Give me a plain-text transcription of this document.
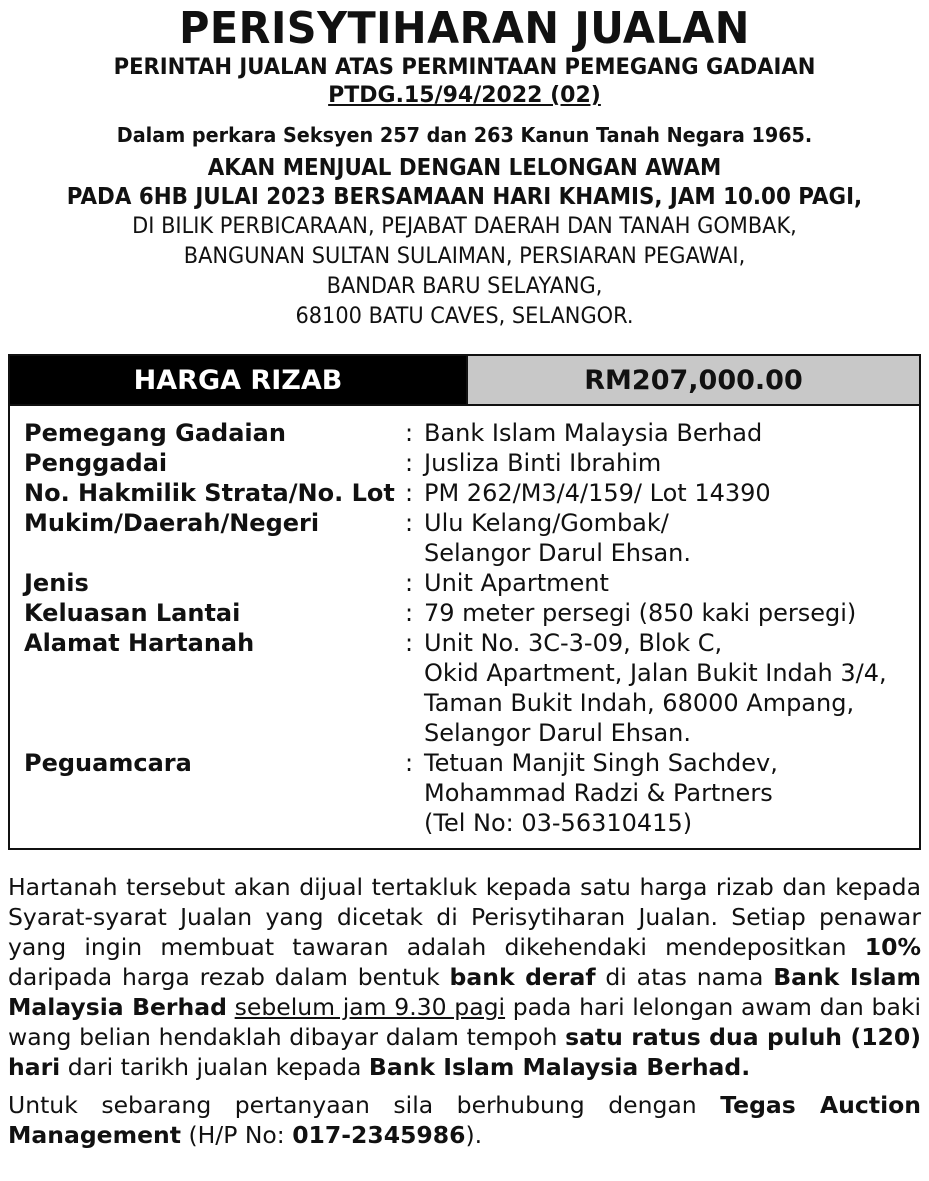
PERISYTIHARAN JUALAN
PERINTAH JUALAN ATAS PERMINTAAN PEMEGANG GADAIAN
PTDG.15/94/2022 (02)
Dalam perkara Seksyen 257 dan 263 Kanun Tanah Negara 1965.
AKAN MENJUAL DENGAN LELONGAN AWAM
PADA 6HB JULAI 2023 BERSAMAAN HARI KHAMIS, JAM 10.00 PAGI,
DI BILIK PERBICARAAN, PEJABAT DAERAH DAN TANAH GOMBAK,
BANGUNAN SULTAN SULAIMAN, PERSIARAN PEGAWAI,
BANDAR BARU SELAYANG,
68100 BATU CAVES, SELANGOR.
HARGA RIZAB	RM207,000.00
Pemegang Gadaian	: Bank Islam Malaysia Berhad
Penggadai	: Jusliza Binti Ibrahim
No. Hakmilik Strata/No. Lot : PM 262/M3/4/159/ Lot 14390
Mukim/Daerah/Negeri	: Ulu Kelang/Gombak/
Selangor Darul Ehsan.
Jenis	: Unit Apartment
Keluasan Lantai	: 79 meter persegi (850 kaki persegi)
Alamat Hartanah	: Unit No. 3C-3-09, Blok C,
Okid Apartment, Jalan Bukit Indah 3/4,
Taman Bukit Indah, 68000 Ampang,
Selangor Darul Ehsan.
Peguamcara	: Tetuan Manjit Singh Sachdev,
Mohammad Radzi & Partners
(Tel No: 03-56310415)
Hartanah tersebut akan dijual tertakluk kepada satu harga rizab dan kepada Syarat-syarat Jualan yang dicetak di Perisytiharan Jualan. Setiap penawar yang ingin membuat tawaran adalah dikehendaki mendepositkan 10% daripada harga rezab dalam bentuk bank deraf di atas nama Bank Islam Malaysia Berhad sebelum jam 9.30 pagi pada hari lelongan awam dan baki wang belian hendaklah dibayar dalam tempoh satu ratus dua puluh (120) hari dari tarikh jualan kepada Bank Islam Malaysia Berhad.
Untuk sebarang pertanyaan sila berhubung dengan Tegas Auction Management (H/P No: 017-2345986).
